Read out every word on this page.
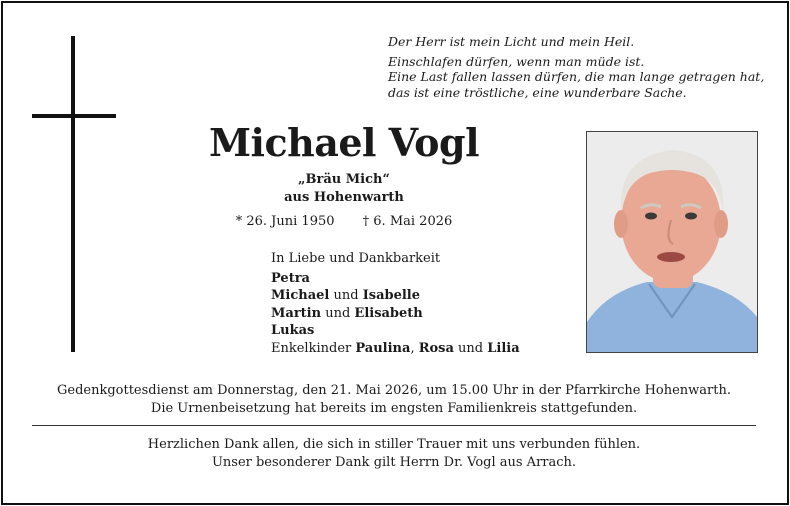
Der Herr ist mein Licht und mein Heil.
Einschlafen dürfen, wenn man müde ist.
Eine Last fallen lassen dürfen, die man lange getragen hat,
das ist eine tröstliche, eine wunderbare Sache.
Michael Vogl
„Bräu Mich“
aus Hohenwarth
* 26. Juni 1950 † 6. Mai 2026
In Liebe und Dankbarkeit
Petra
Michael und Isabelle
Martin und Elisabeth
Lukas
Enkelkinder Paulina, Rosa und Lilia
Gedenkgottesdienst am Donnerstag, den 21. Mai 2026, um 15.00 Uhr in der Pfarrkirche Hohenwarth.
Die Urnenbeisetzung hat bereits im engsten Familienkreis stattgefunden.
Herzlichen Dank allen, die sich in stiller Trauer mit uns verbunden fühlen.
Unser besonderer Dank gilt Herrn Dr. Vogl aus Arrach.
